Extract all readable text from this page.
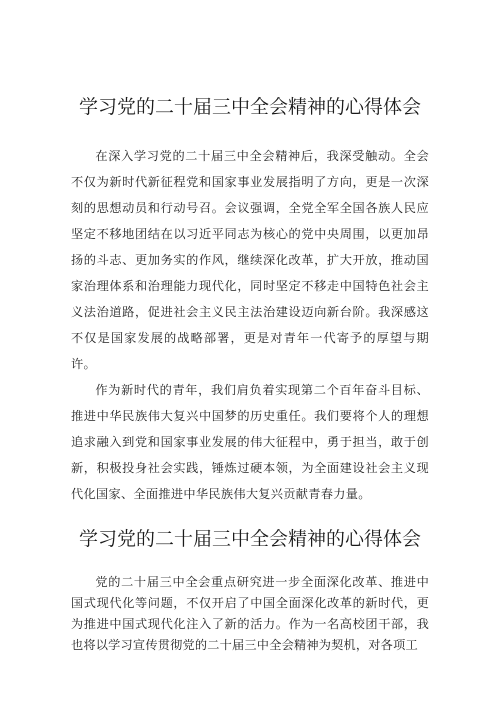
学习党的二十届三中全会精神的心得体会

在深入学习党的二十届三中全会精神后，我深受触动。全会不仅为新时代新征程党和国家事业发展指明了方向，更是一次深刻的思想动员和行动号召。会议强调，全党全军全国各族人民应坚定不移地团结在以习近平同志为核心的党中央周围，以更加昂扬的斗志、更加务实的作风，继续深化改革，扩大开放，推动国家治理体系和治理能力现代化，同时坚定不移走中国特色社会主义法治道路，促进社会主义民主法治建设迈向新台阶。我深感这不仅是国家发展的战略部署，更是对青年一代寄予的厚望与期许。

作为新时代的青年，我们肩负着实现第二个百年奋斗目标、推进中华民族伟大复兴中国梦的历史重任。我们要将个人的理想追求融入到党和国家事业发展的伟大征程中，勇于担当，敢于创新，积极投身社会实践，锤炼过硬本领，为全面建设社会主义现代化国家、全面推进中华民族伟大复兴贡献青春力量。

学习党的二十届三中全会精神的心得体会

党的二十届三中全会重点研究进一步全面深化改革、推进中国式现代化等问题，不仅开启了中国全面深化改革的新时代，更为推进中国式现代化注入了新的活力。作为一名高校团干部，我也将以学习宣传贯彻党的二十届三中全会精神为契机，对各项工
